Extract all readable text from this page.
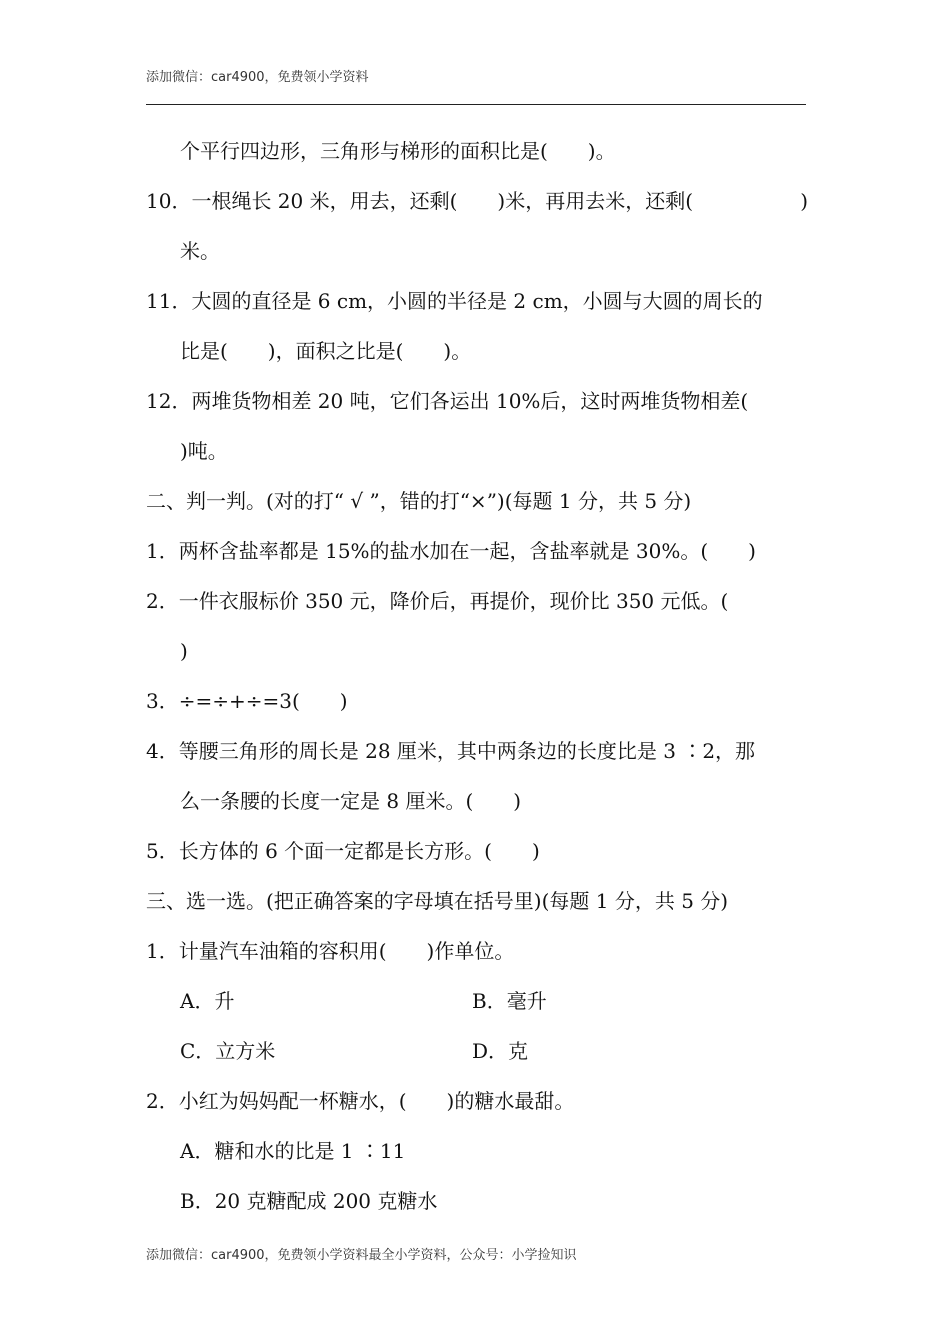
添加微信：car4900，免费领小学资料
个平行四边形，三角形与梯形的面积比是(　　)。
10．一根绳长 20 米，用去，还剩(　　)米，再用去米，还剩(	)
米。
11．大圆的直径是 6 cm，小圆的半径是 2 cm，小圆与大圆的周长的
比是(　　)，面积之比是(　　)。
12．两堆货物相差 20 吨，它们各运出 10%后，这时两堆货物相差(
)吨。
二、判一判。(对的打“ √ ”，错的打“×”)(每题 1 分，共 5 分)
1．两杯含盐率都是 15%的盐水加在一起，含盐率就是 30%。(　　)
2．一件衣服标价 350 元，降价后，再提价，现价比 350 元低。(
)
3．÷=÷+÷=3(　　)
4．等腰三角形的周长是 28 厘米，其中两条边的长度比是 3 ∶2，那
么一条腰的长度一定是 8 厘米。(　　)
5．长方体的 6 个面一定都是长方形。(　　)
三、选一选。(把正确答案的字母填在括号里)(每题 1 分，共 5 分)
1．计量汽车油箱的容积用(　　)作单位。
A．升	B．毫升
C．立方米	D．克
2．小红为妈妈配一杯糖水，(　　)的糖水最甜。
A．糖和水的比是 1 ∶11
B．20 克糖配成 200 克糖水
添加微信：car4900，免费领小学资料最全小学资料，公众号：小学捡知识
